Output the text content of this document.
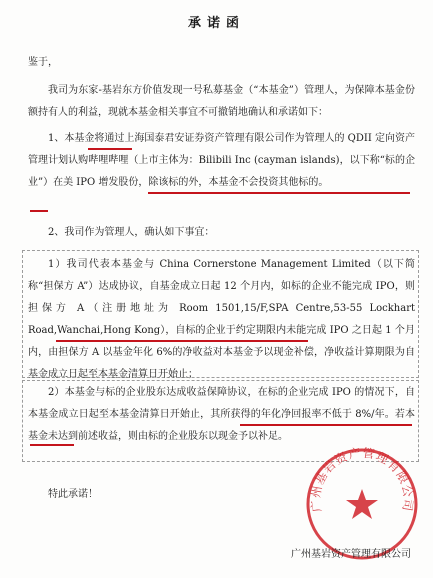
承诺函
鉴于，
我司为东家-基岩东方价值发现一号私募基金（“本基金”）管理人，为保障本基金份额持有人的利益，现就本基金相关事宜不可撤销地确认和承诺如下：
1、本基金将通过上海国泰君安证券资产管理有限公司作为管理人的 QDII 定向资产管理计划认购哔哩哔哩（上市主体为：Bilibili Inc (cayman islands)，以下称“标的企业”）在美 IPO 增发股份，除该标的外，本基金不会投资其他标的。
2、我司作为管理人，确认如下事宜：
1）我司代表本基金与 China Cornerstone Management Limited（以下简称“担保方 A”）达成协议，自基金成立日起 12 个月内，如标的企业不能完成 IPO，则担保方 A（注册地址为 Room 1501,15/F,SPA Centre,53-55 Lockhart Road,Wanchai,Hong Kong），自标的企业于约定期限内未能完成 IPO 之日起 1 个月内，由担保方 A 以基金年化 6%的净收益对本基金予以现金补偿，净收益计算期限为自基金成立日起至本基金清算日开始止；
2）本基金与标的企业股东达成收益保障协议，在标的企业完成 IPO 的情况下，自本基金成立日起至本基金清算日开始止，其所获得的年化净回报率不低于 8%/年。若本基金未达到前述收益，则由标的企业股东以现金予以补足。
特此承诺！
广州基岩资产管理有限公司
广州基岩资产管理有限公司
